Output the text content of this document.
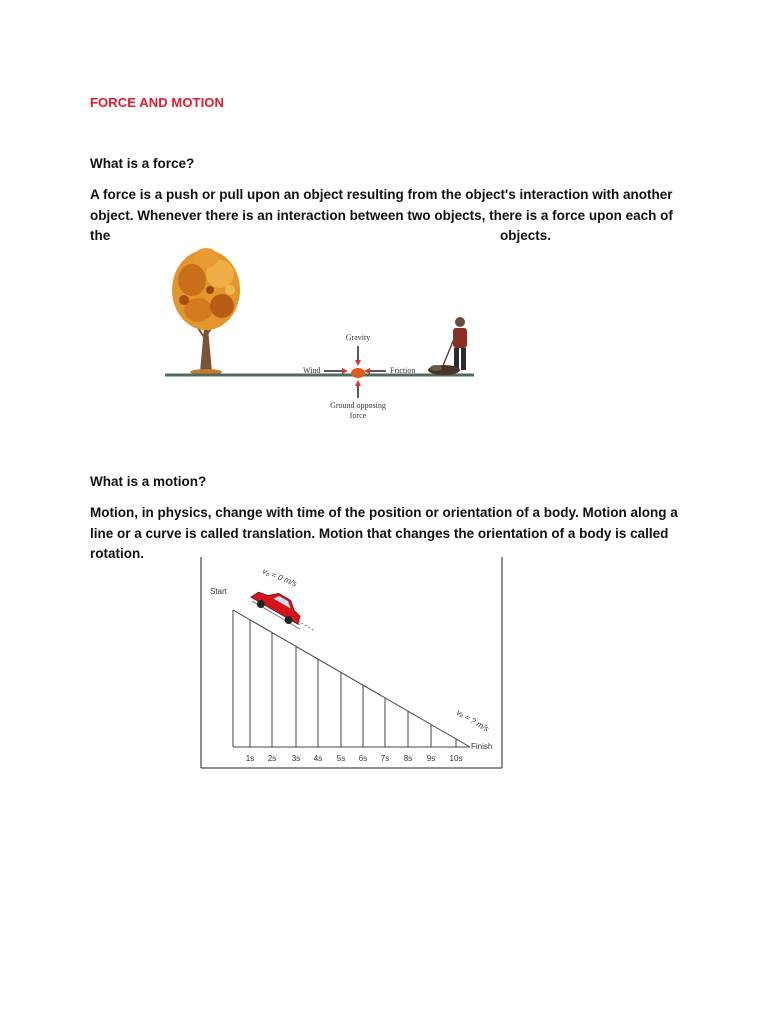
FORCE AND MOTION
What is a force?
A force is a push or pull upon an object resulting from the object's interaction with another
object. Whenever there is an interaction between two objects, there is a force upon each of
the	objects.
Gravity
Wind	Friction
Ground opposing
force
What is a motion?
Motion, in physics, change with time of the position or orientation of a body. Motion along a
line or a curve is called translation. Motion that changes the orientation of a body is called
rotation.
Start
v₀ = 0 m/s
vₑ = ? m/s
Finish
1s 2s 3s 4s 5s 6s 7s 8s 9s 10s
